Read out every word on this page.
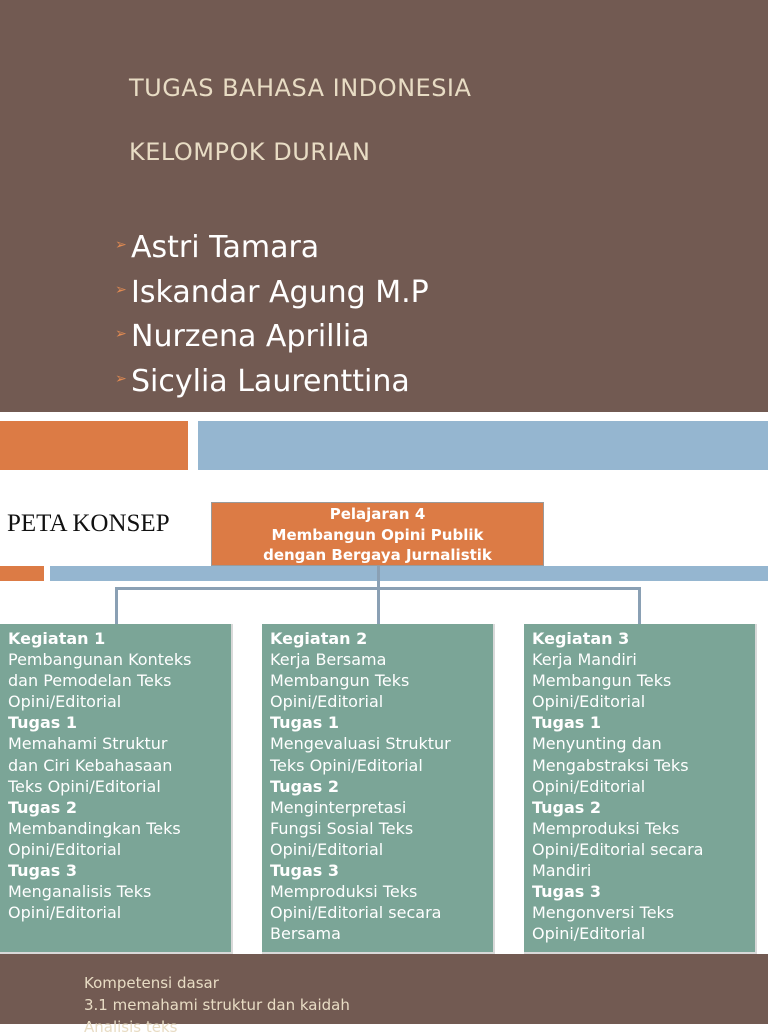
TUGAS BAHASA INDONESIA
KELOMPOK DURIAN
➢ Astri Tamara
➢ Iskandar Agung M.P
➢ Nurzena Aprillia
➢ Sicylia Laurenttina
PETA KONSEP	Pelajaran 4
Membangun Opini Publik
dengan Bergaya Jurnalistik
Kegiatan 1
Pembangunan Konteks
dan Pemodelan Teks
Opini/Editorial
Tugas 1
Memahami Struktur
dan Ciri Kebahasaan
Teks Opini/Editorial
Tugas 2
Membandingkan Teks
Opini/Editorial
Tugas 3
Menganalisis Teks
Opini/Editorial
Kegiatan 2
Kerja Bersama
Membangun Teks
Opini/Editorial
Tugas 1
Mengevaluasi Struktur
Teks Opini/Editorial
Tugas 2
Menginterpretasi
Fungsi Sosial Teks
Opini/Editorial
Tugas 3
Memproduksi Teks
Opini/Editorial secara
Bersama
Kegiatan 3
Kerja Mandiri
Membangun Teks
Opini/Editorial
Tugas 1
Menyunting dan
Mengabstraksi Teks
Opini/Editorial
Tugas 2
Memproduksi Teks
Opini/Editorial secara
Mandiri
Tugas 3
Mengonversi Teks
Opini/Editorial
Kompetensi dasar
3.1 memahami struktur dan kaidah
Analisis teks
